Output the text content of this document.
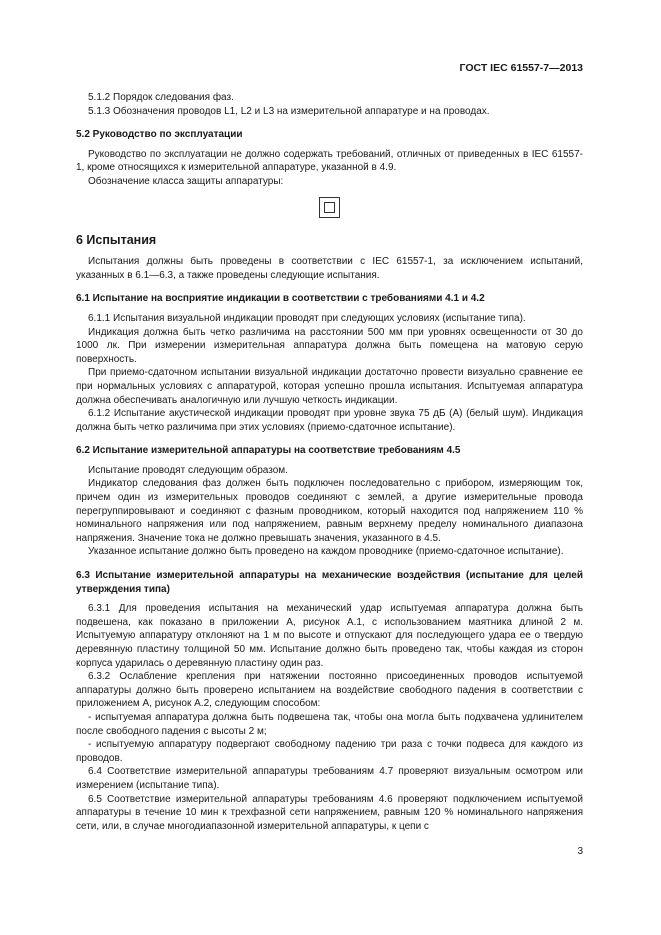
ГОСТ IEC 61557-7—2013

5.1.2 Порядок следования фаз.

5.1.3 Обозначения проводов L1, L2 и L3 на измерительной аппаратуре и на проводах.

5.2 Руководство по эксплуатации

Руководство по эксплуатации не должно содержать требований, отличных от приведенных в IEC 61557-1, кроме относящихся к измерительной аппаратуре, указанной в 4.9.

Обозначение класса защиты аппаратуры:

6 Испытания

Испытания должны быть проведены в соответствии с IEC 61557-1, за исключением испытаний, указанных в 6.1—6.3, а также проведены следующие испытания.

6.1 Испытание на восприятие индикации в соответствии с требованиями 4.1 и 4.2

6.1.1 Испытания визуальной индикации проводят при следующих условиях (испытание типа).

Индикация должна быть четко различима на расстоянии 500 мм при уровнях освещенности от 30 до 1000 лк. При измерении измерительная аппаратура должна быть помещена на матовую серую поверхность.

При приемо-сдаточном испытании визуальной индикации достаточно провести визуально сравнение ее при нормальных условиях с аппаратурой, которая успешно прошла испытания. Испытуемая аппаратура должна обеспечивать аналогичную или лучшую четкость индикации.

6.1.2 Испытание акустической индикации проводят при уровне звука 75 дБ (А) (белый шум). Индикация должна быть четко различима при этих условиях (приемо-сдаточное испытание).

6.2 Испытание измерительной аппаратуры на соответствие требованиям 4.5

Испытание проводят следующим образом.

Индикатор следования фаз должен быть подключен последовательно с прибором, измеряющим ток, причем один из измерительных проводов соединяют с землей, а другие измерительные провода перегруппировывают и соединяют с фазным проводником, который находится под напряжением 110 % номинального напряжения или под напряжением, равным верхнему пределу номинального диапазона напряжения. Значение тока не должно превышать значения, указанного в 4.5.

Указанное испытание должно быть проведено на каждом проводнике (приемо-сдаточное испытание).

6.3 Испытание измерительной аппаратуры на механические воздействия (испытание для целей утверждения типа)

6.3.1 Для проведения испытания на механический удар испытуемая аппаратура должна быть подвешена, как показано в приложении А, рисунок А.1, с использованием маятника длиной 2 м. Испытуемую аппаратуру отклоняют на 1 м по высоте и отпускают для последующего удара ее о твердую деревянную пластину толщиной 50 мм. Испытание должно быть проведено так, чтобы каждая из сторон корпуса ударилась о деревянную пластину один раз.

6.3.2 Ослабление крепления при натяжении постоянно присоединенных проводов испытуемой аппаратуры должно быть проверено испытанием на воздействие свободного падения в соответствии с приложением А, рисунок А.2, следующим способом:

- испытуемая аппаратура должна быть подвешена так, чтобы она могла быть подхвачена удлинителем после свободного падения с высоты 2 м;

- испытуемую аппаратуру подвергают свободному падению три раза с точки подвеса для каждого из проводов.

6.4 Соответствие измерительной аппаратуры требованиям 4.7 проверяют визуальным осмотром или измерением (испытание типа).

6.5 Соответствие измерительной аппаратуры требованиям 4.6 проверяют подключением испытуемой аппаратуры в течение 10 мин к трехфазной сети напряжением, равным 120 % номинального напряжения сети, или, в случае многодиапазонной измерительной аппаратуры, к цепи с

3
